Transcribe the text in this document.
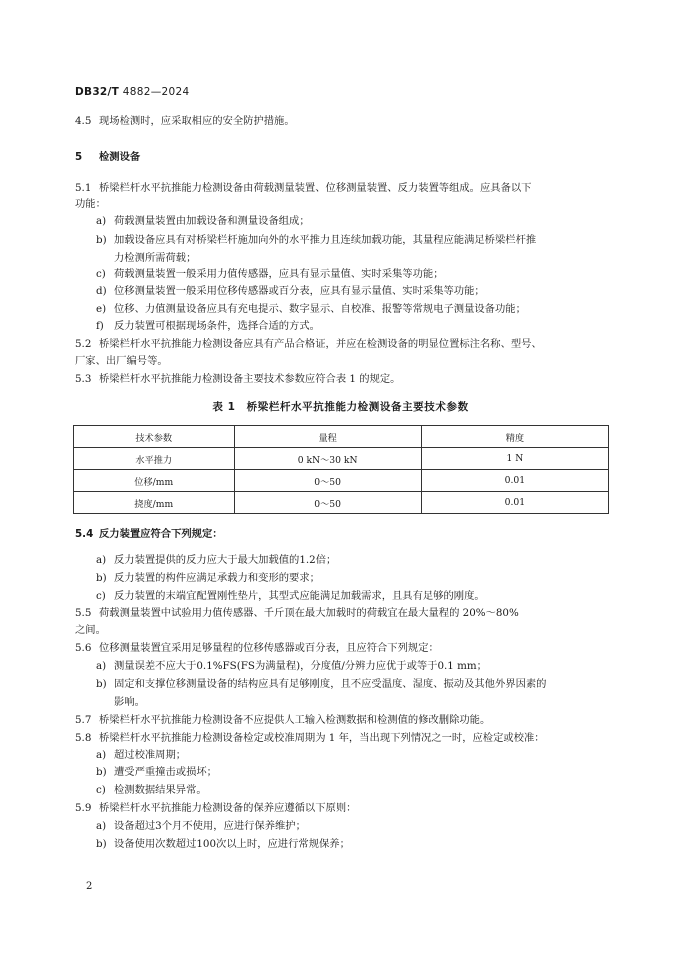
DB32/T 4882—2024
4.5 现场检测时，应采取相应的安全防护措施。
5 检测设备
5.1 桥梁栏杆水平抗推能力检测设备由荷载测量装置、位移测量装置、反力装置等组成。应具备以下
功能：
a) 荷载测量装置由加载设备和测量设备组成；
b) 加载设备应具有对桥梁栏杆施加向外的水平推力且连续加载功能，其量程应能满足桥梁栏杆推
力检测所需荷载；
c) 荷载测量装置一般采用力值传感器，应具有显示量值、实时采集等功能；
d) 位移测量装置一般采用位移传感器或百分表，应具有显示量值、实时采集等功能；
e) 位移、力值测量设备应具有充电提示、数字显示、自校准、报警等常规电子测量设备功能；
f) 反力装置可根据现场条件，选择合适的方式。
5.2 桥梁栏杆水平抗推能力检测设备应具有产品合格证，并应在检测设备的明显位置标注名称、型号、
厂家、出厂编号等。
5.3 桥梁栏杆水平抗推能力检测设备主要技术参数应符合表 1 的规定。
表 1　桥梁栏杆水平抗推能力检测设备主要技术参数
技术参数	量程	精度
水平推力	0 kN～30 kN	1 N
位移/mm	0～50	0.01
挠度/mm	0～50	0.01
5.4 反力装置应符合下列规定：
a) 反力装置提供的反力应大于最大加载值的1.2倍；
b) 反力装置的构件应满足承载力和变形的要求；
c) 反力装置的末端宜配置刚性垫片，其型式应能满足加载需求，且具有足够的刚度。
5.5 荷载测量装置中试验用力值传感器、千斤顶在最大加载时的荷载宜在最大量程的 20%～80%
之间。
5.6 位移测量装置宜采用足够量程的位移传感器或百分表，且应符合下列规定：
a) 测量误差不应大于0.1%FS(FS为满量程)，分度值/分辨力应优于或等于0.1 mm；
b) 固定和支撑位移测量设备的结构应具有足够刚度，且不应受温度、湿度、振动及其他外界因素的
影响。
5.7 桥梁栏杆水平抗推能力检测设备不应提供人工输入检测数据和检测值的修改删除功能。
5.8 桥梁栏杆水平抗推能力检测设备检定或校准周期为 1 年，当出现下列情况之一时，应检定或校准：
a) 超过校准周期；
b) 遭受严重撞击或损坏；
c) 检测数据结果异常。
5.9 桥梁栏杆水平抗推能力检测设备的保养应遵循以下原则：
a) 设备超过3个月不使用，应进行保养维护；
b) 设备使用次数超过100次以上时，应进行常规保养；
2
